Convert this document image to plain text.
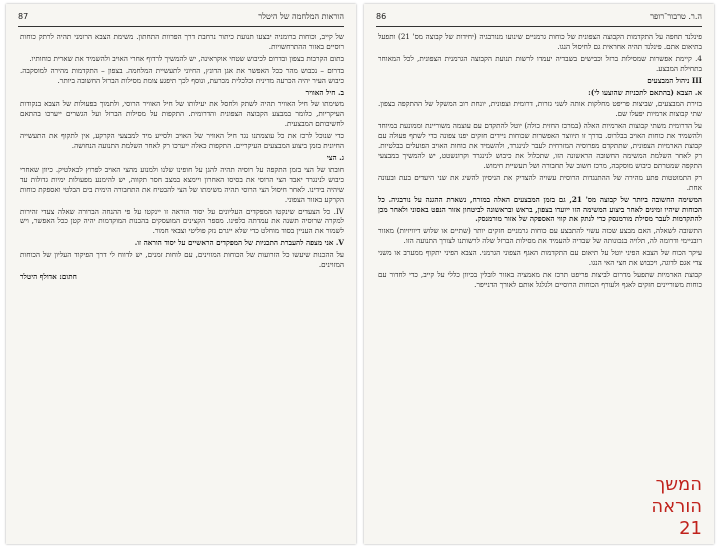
הוראות המלחמה של היטלר
87

של קייב, וכוחות ברומניה יבצעו תנועת כיתור נרחבת דרך הפרוות התחתון. משימת הצבא הרומני תהיה לרתק כוחות רוסיים באזור ההתרחשויות.

בתום הקרבות בצפון ובדרום לכיבוש שטחי אוקראינה, יש להמשיך לרדוף אחרי האויב ולהשמיד את שארית כוחותיו.

בדרום – נכבוש מהר ככל האפשר את אגן הדונץ, החיוני לתעשיית המלחמה. בצפון – התקדמות מהירה למוסקבה. כיבוש העיר יהיה הכרעה מדינית וכלכלית מכרעת, ונוסף לכך תיפגע צומת מסילות הברזל החשובה ביותר.

ב. חיל האוויר

משימתו של חיל האוויר תהיה לשתק ולחסל את יעילותו של חיל האוויר הרוסי, ולתמוך בפעולות של הצבא בנקודות העיקריות, כלומר במבצע הקבוצה הצפונית והדרומית. התקפות על מסילות הברזל ועל הגשרים ייערכו בהתאם לחשיבותם המבצעית.

כדי שנוכל לרכז את כל עוצמתנו נגד חיל האוויר של האויב ולסייע מיד למבצעי הקרקע, אין לתקוף את התעשייה החיונית בזמן ביצוע המבצעים העיקריים. התקפות כאלה ייערכו רק לאחר השלמת התנועה הנחושה.

ג. הצי

חובתו של הצי בזמן התקפה על רוסיה תהיה להגן על חופינו שלנו ולמנוע מהצי האויב לפרוץ לבאלטיק. כיוון שאחרי כיבוש לנינגרד יאבד הצי הרוסי את בסיסו האחרון ויימצא במצב חסר תקווה, יש להימנע מפעולות ימיות גדולות עד שיהיה בידינו. לאחר חיסול הצי הרוסי תהיה משימתו של הצי להבטיח את התחבורה הימית בים הבלטי ואספקת כוחות הקרקע באזור הצפוני.

IV. כל הצעדים שינקטו המפקדים העליונים על יסוד הוראה זו יינקטו על פי ההנחה הברורה שאלה צעדי זהירות למקרה שרוסיה תשנה את עמדתה כלפינו. מספר הקצינים המועסקים בהכנות המוקדמות יהיה קטן ככל האפשר, ויש לשמור את העניין בסוד מוחלט כדי שלא ייגרם נזק פוליטי וצבאי חמור.

V. אני מצפה להעברת התכניות של המפקדים הראשיים על יסוד הוראה זו.

על ההכנות שיעשו כל הזרועות של הכוחות המזוינים, עם לוחות זמנים, יש לדווח לי דרך הפיקוד העליון של הכוחות המזוינים.

חתום: אדולף היטלר

ה.ר. טרבור־רופר
86

פינלנד תחפה על התקדמות הקבוצה הצפונית של כוחות גרמניים שינועו מנורבגיה (יחידות של קבוצה מס' 21) ותפעל בתיאום אתם. פינלנד תהיה אחראית גם לחיסול הנגו.

4. קיימת אפשרות שמסילות ברזל וכבישים בשבדיה יעמדו לרשות תנועת הקבוצה הגרמנית הצפונית, לכל המאוחר בתחילת המבצע.

III ניהול המבצעים

א. הצבא (בהתאם לתכניות שהוצעו לי):

בזירת המבצעים, שביצות פריפט מחלקות אותה לשני גזרות, דרומית וצפונית, יונחת רוב המשקל של ההתקפה בצפון. שתי קבוצות ארמיות יפעלו שם.

על הדרומית משתי קבוצות הארמיות האלה (במרכז החזית כולה) יוטל להתקדם עם עוצמה משוריינת וממונעת במיוחד ולהשמיד את כוחות האויב בבלרוס. בדרך זו תיווצר האפשרות שכוחות ניידים חזקים יפנו צפונה כדי לשתף פעולה עם קבוצת הארמיות הצפונית, שתתקדם מפרוסיה המזרחית לעבר לנינגרד, ולהשמיד את כוחות האויב הפועלים בבלטיות. רק לאחר השלמת המשימה החשובה הראשונה הזו, שתכלול את כיבוש לנינגרד וקרונשטט, יש להמשיך במבצעי התקפה שמטרתם כיבוש מוסקבה, מרכז חשוב של תחבורה ושל תעשיית חימוש.

רק התמוטטות פתע מהירה של ההתנגדות הרוסית עשויה להצדיק את הניסיון להשיג את שני היעדים בעת ובעונה אחת.

המשימה החשובה ביותר של קבוצה מס' 21, גם בזמן המבצעים האלה במזרח, נשארת ההגנה על נורבגיה. כל הכוחות שיהיו זמינים לאחר ביצוע המשימה הזו ייועדו בצפון, בראש ובראשונה לביטחון אזור הנפט באסוני ולאחר מכן להתקדמות לעבר מסילת מורמנסק כדי לנתק את קווי האספקה של אזור מורמנסק.

התשובה לשאלה, האם מבצע שכזה עשוי להתבצע עם כוחות גרמניים חזקים יותר (שתיים או שלוש דיוויזיות) מאזור רובניימי ודרומה לה, תלויה בנכונותה של שבדיה להעמיד את מסילות הברזל שלה לרשותנו לצורך התנועה הזו.

עיקר הכוח של הצבא הפיני יוטל על תיאום עם התקדמות האגף הצפוני הגרמני. הצבא הפיני יתקוף ממערב או משני צדי אגם לדוגה, ויכבוש את חצי האי הנגו.

קבוצת הארמיות שתפעל מדרום לביצות פריפט תרכז את מאמציה באזור לובלין בכיוון כללי על קייב, כדי לחדור עם כוחות משוריינים חזקים לאגף ולעורף הכוחות הרוסיים ולגלגל אותם לאורך הדנייפר.

המשך
הוראה
21
